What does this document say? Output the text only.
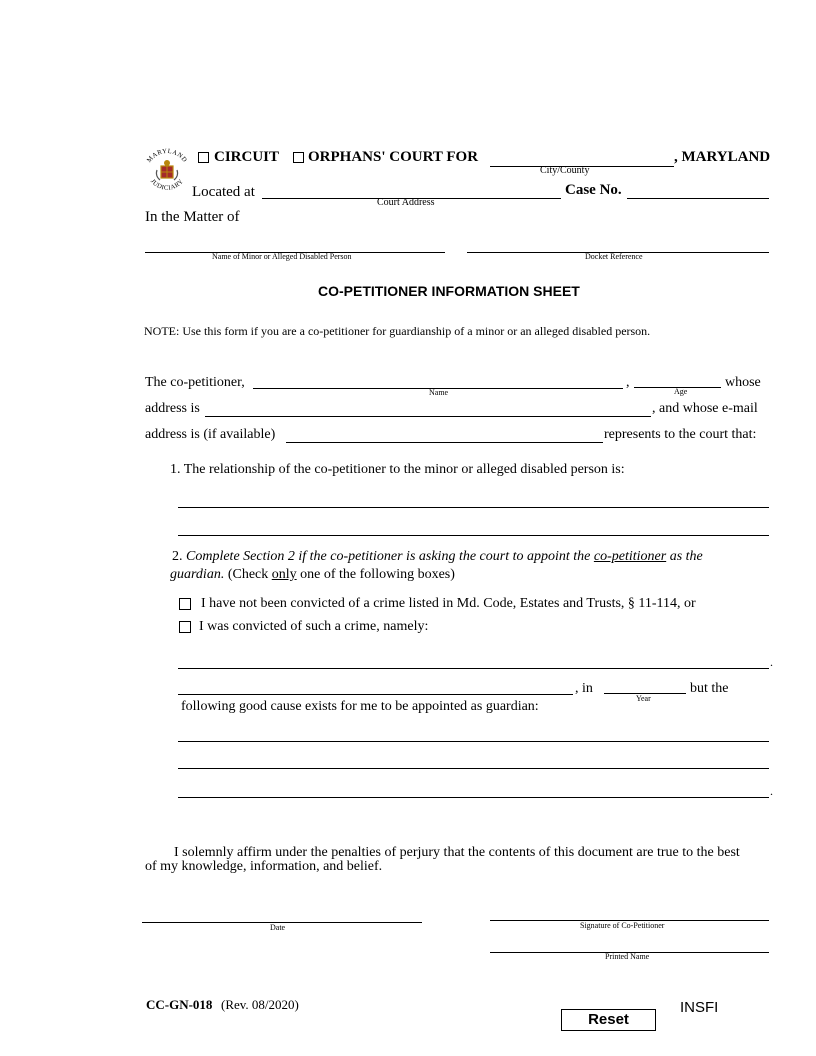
MARYLAND
JUDICIARY
CIRCUIT ORPHANS' COURT FOR
City/County
, MARYLAND
Located at
Court Address
Case No.
In the Matter of
Name of Minor or Alleged Disabled Person	Docket Reference
CO-PETITIONER INFORMATION SHEET
NOTE: Use this form if you are a co-petitioner for guardianship of a minor or an alleged disabled person.
The co-petitioner,
Name
,
Age
whose
address is	, and whose e-mail
address is (if available)	represents to the court that:
1. The relationship of the co-petitioner to the minor or alleged disabled person is:
2. Complete Section 2 if the co-petitioner is asking the court to appoint the co-petitioner as the
guardian. (Check only one of the following boxes)
I have not been convicted of a crime listed in Md. Code, Estates and Trusts, § 11-114, or
I was convicted of such a crime, namely:
.
, in
Year
but the
following good cause exists for me to be appointed as guardian:
.
I solemnly affirm under the penalties of perjury that the contents of this document are true to the best
of my knowledge, information, and belief.
Date	Signature of Co-Petitioner
Printed Name
CC-GN-018 (Rev. 08/2020)
Reset
INSFI
